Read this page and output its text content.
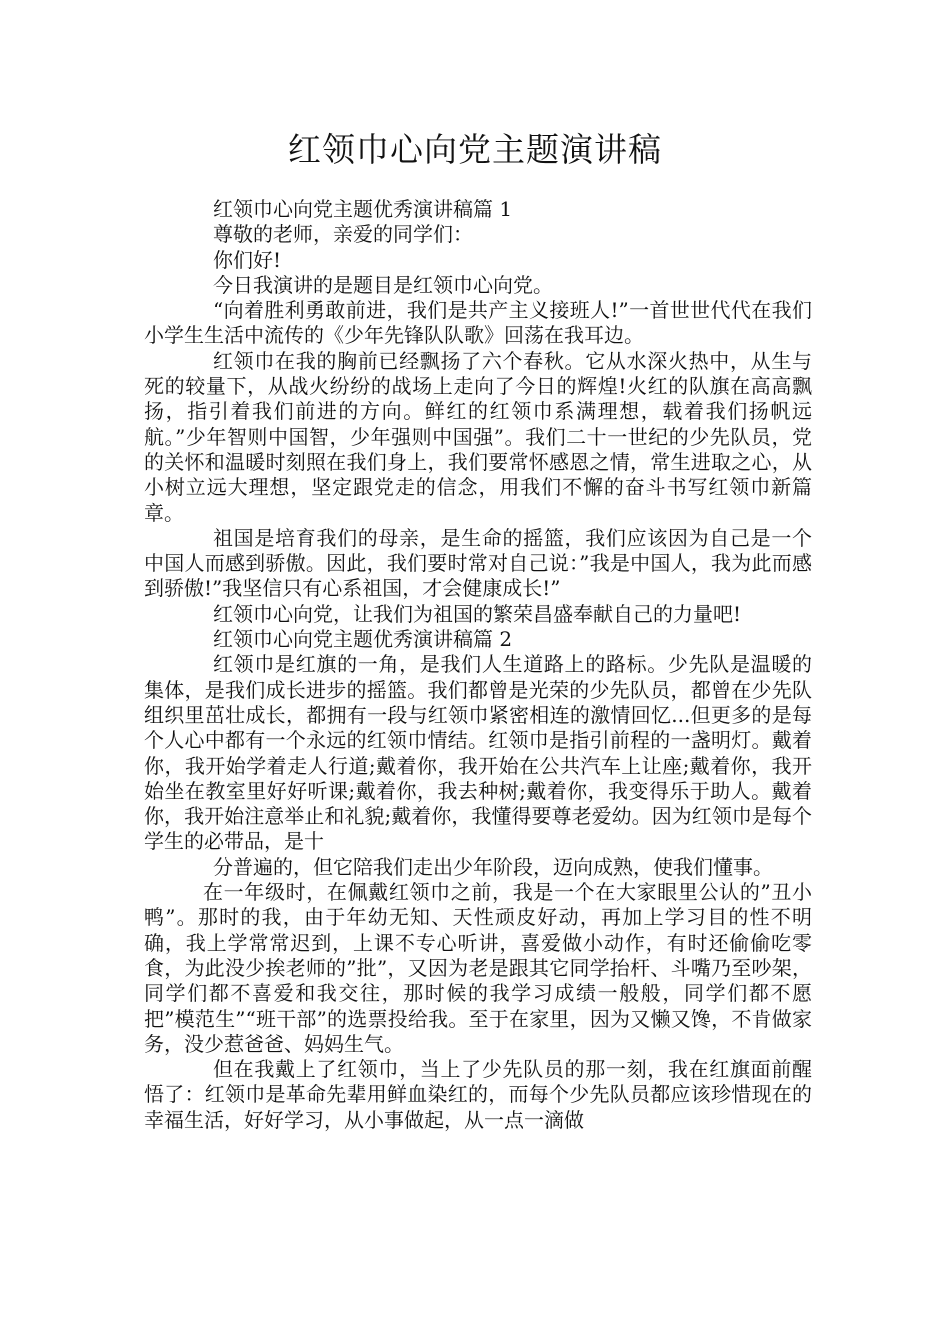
红领巾心向党主题演讲稿

红领巾心向党主题优秀演讲稿篇 1

尊敬的老师，亲爱的同学们：

你们好!

今日我演讲的是题目是红领巾心向党。

“向着胜利勇敢前进，我们是共产主义接班人!”一首世世代代在我们小学生生活中流传的《少年先锋队队歌》回荡在我耳边。

红领巾在我的胸前已经飘扬了六个春秋。它从水深火热中，从生与死的较量下，从战火纷纷的战场上走向了今日的辉煌!火红的队旗在高高飘扬，指引着我们前进的方向。鲜红的红领巾系满理想，载着我们扬帆远航。”少年智则中国智，少年强则中国强”。我们二十一世纪的少先队员，党的关怀和温暖时刻照在我们身上，我们要常怀感恩之情，常生进取之心，从小树立远大理想，坚定跟党走的信念，用我们不懈的奋斗书写红领巾新篇章。

祖国是培育我们的母亲，是生命的摇篮，我们应该因为自己是一个中国人而感到骄傲。因此，我们要时常对自己说：”我是中国人，我为此而感到骄傲!”我坚信只有心系祖国，才会健康成长!”

红领巾心向党，让我们为祖国的繁荣昌盛奉献自己的力量吧!

红领巾心向党主题优秀演讲稿篇 2

红领巾是红旗的一角，是我们人生道路上的路标。少先队是温暖的集体，是我们成长进步的摇篮。我们都曾是光荣的少先队员，都曾在少先队组织里茁壮成长，都拥有一段与红领巾紧密相连的激情回忆...但更多的是每个人心中都有一个永远的红领巾情结。红领巾是指引前程的一盏明灯。戴着你，我开始学着走人行道;戴着你，我开始在公共汽车上让座;戴着你，我开始坐在教室里好好听课;戴着你，我去种树;戴着你，我变得乐于助人。戴着你，我开始注意举止和礼貌;戴着你，我懂得要尊老爱幼。因为红领巾是每个学生的必带品，是十

分普遍的，但它陪我们走出少年阶段，迈向成熟，使我们懂事。

在一年级时，在佩戴红领巾之前，我是一个在大家眼里公认的”丑小鸭”。那时的我，由于年幼无知、天性顽皮好动，再加上学习目的性不明确，我上学常常迟到，上课不专心听讲，喜爱做小动作，有时还偷偷吃零食，为此没少挨老师的”批”，又因为老是跟其它同学抬杆、斗嘴乃至吵架，同学们都不喜爱和我交往，那时候的我学习成绩一般般，同学们都不愿把”模范生”“班干部”的选票投给我。至于在家里，因为又懒又馋，不肯做家务，没少惹爸爸、妈妈生气。

但在我戴上了红领巾，当上了少先队员的那一刻，我在红旗面前醒悟了：红领巾是革命先辈用鲜血染红的，而每个少先队员都应该珍惜现在的幸福生活，好好学习，从小事做起，从一点一滴做
